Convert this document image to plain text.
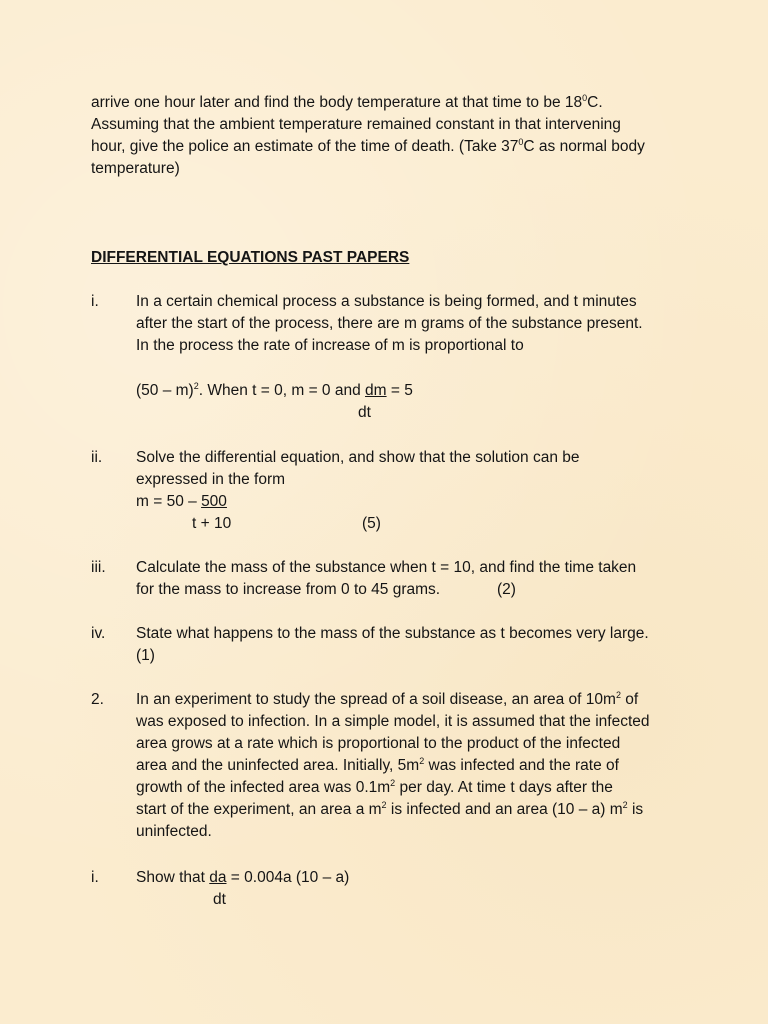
arrive one hour later and find the body temperature at that time to be $18^0C$.
Assuming that the ambient temperature remained constant in that intervening
hour, give the police an estimate of the time of death. (Take $37^0C$ as normal body
temperature)

DIFFERENTIAL EQUATIONS PAST PAPERS

i. In a certain chemical process a substance is being formed, and t minutes
after the start of the process, there are m grams of the substance present.
In the process the rate of increase of m is proportional to
(50 – m)$^2$. When t = 0, m = 0 and dm = 5
dt
ii. Solve the differential equation, and show that the solution can be
expressed in the form
m = 50 – 500
t + 10	(5)
iii. Calculate the mass of the substance when t = 10, and find the time taken
for the mass to increase from 0 to 45 grams.	(2)
iv. State what happens to the mass of the substance as t becomes very large.
(1)
2. In an experiment to study the spread of a soil disease, an area of $10m^2$ of
was exposed to infection. In a simple model, it is assumed that the infected
area grows at a rate which is proportional to the product of the infected
area and the uninfected area. Initially, $5m^2$ was infected and the rate of
growth of the infected area was $0.1m^2$ per day. At time t days after the
start of the experiment, an area a $m^2$ is infected and an area (10 – a) $m^2$ is
uninfected.
i. Show that da = 0.004a (10 – a)
dt
